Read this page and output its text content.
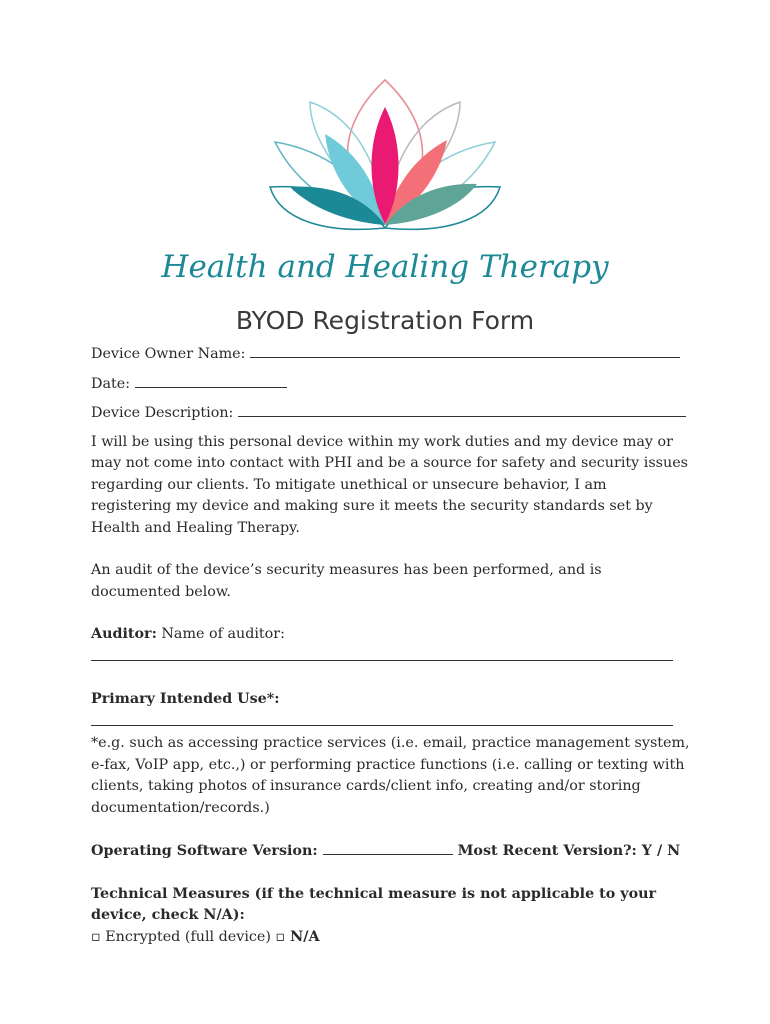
Health and Healing Therapy
BYOD Registration Form
Device Owner Name:
Date:
Device Description:
I will be using this personal device within my work duties and my device may or
may not come into contact with PHI and be a source for safety and security issues
regarding our clients. To mitigate unethical or unsecure behavior, I am
registering my device and making sure it meets the security standards set by
Health and Healing Therapy.
An audit of the device’s security measures has been performed, and is
documented below.
Auditor: Name of auditor:
Primary Intended Use*:
*e.g. such as accessing practice services (i.e. email, practice management system,
e-fax, VoIP app, etc.,) or performing practice functions (i.e. calling or texting with
clients, taking photos of insurance cards/client info, creating and/or storing
documentation/records.)
Operating Software Version:	Most Recent Version?: Y / N
Technical Measures (if the technical measure is not applicable to your
device, check N/A):
▫ Encrypted (full device) ▫ N/A
